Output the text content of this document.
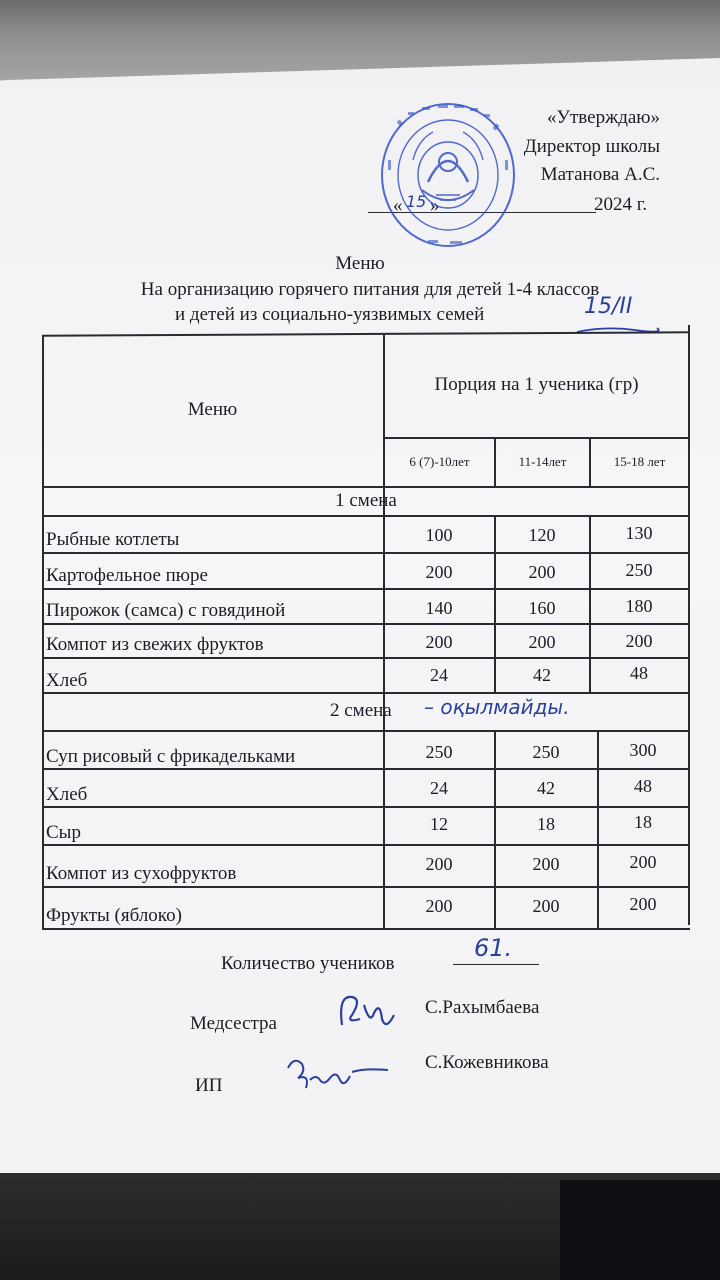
«Утверждаю»
Директор школы
Матанова А.С.
« 15 »	2024 г.
Меню
На организацию горячего питания для детей 1-4 классов
и детей из социально-уязвимых семей	15/II
Меню
Порция на 1 ученика (гр)
6 (7)-10лет	11-14лет	15-18 лет
1 смена
Рыбные котлеты	100	120	130
Картофельное пюре	200	200	250
Пирожок (самса) с говядиной	140	160	180
Компот из свежих фруктов	200	200	200
Хлеб	24	42	48
2 смена	– оқылмайды.
Суп рисовый с фрикадельками	250	250	300
Хлеб	24	42	48
Сыр	12	18	18
Компот из сухофруктов	200	200	200
Фрукты (яблоко)	200	200	200
Количество учеников
61.
Медсестра
С.Рахымбаева
ИП
С.Кожевникова
